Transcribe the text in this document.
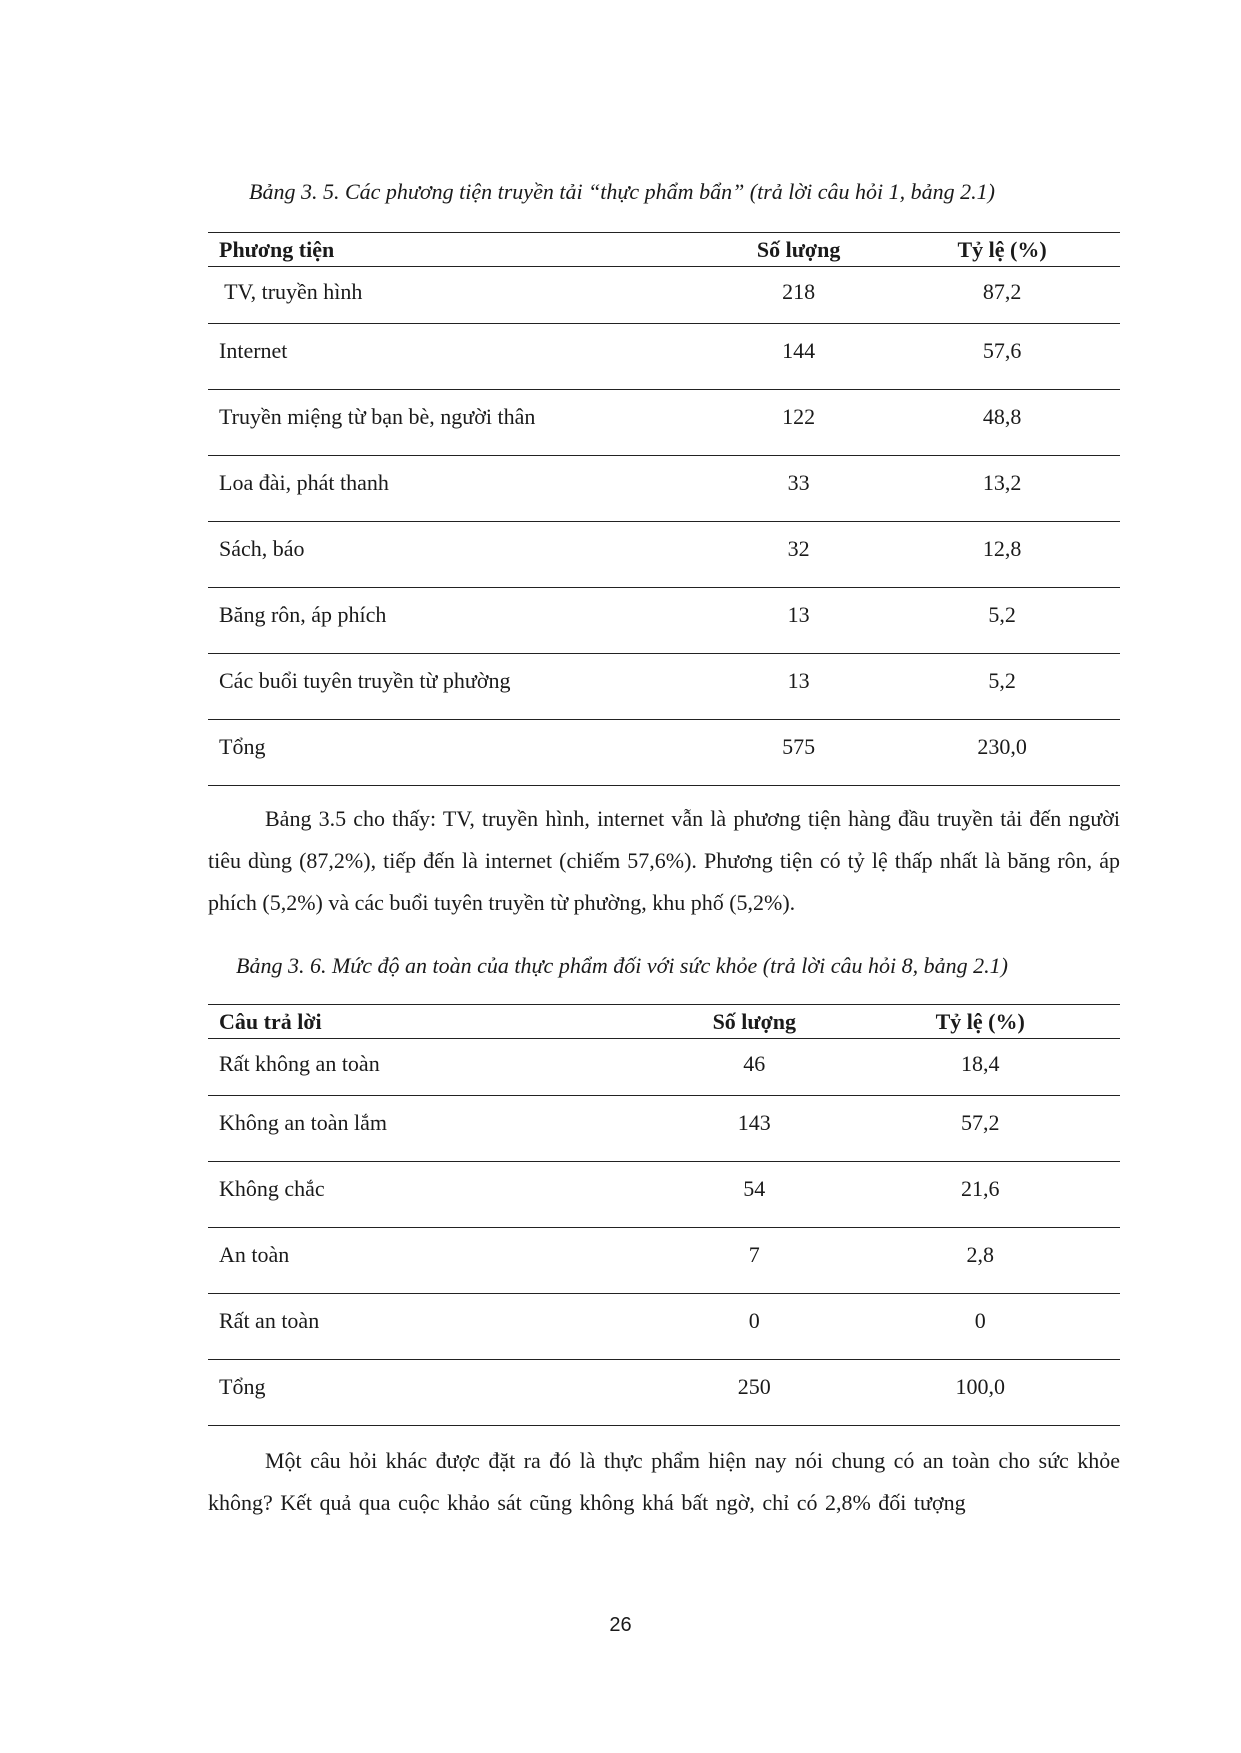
Bảng 3. 5. Các phương tiện truyền tải “thực phẩm bẩn” (trả lời câu hỏi 1, bảng 2.1)

Phương tiện	Số lượng	Tỷ lệ (%)
TV, truyền hình	218	87,2
Internet	144	57,6
Truyền miệng từ bạn bè, người thân	122	48,8
Loa đài, phát thanh	33	13,2
Sách, báo	32	12,8
Băng rôn, áp phích	13	5,2
Các buổi tuyên truyền từ phường	13	5,2
Tổng	575	230,0

Bảng 3.5 cho thấy: TV, truyền hình, internet vẫn là phương tiện hàng đầu truyền tải đến người tiêu dùng (87,2%), tiếp đến là internet (chiếm 57,6%). Phương tiện có tỷ lệ thấp nhất là băng rôn, áp phích (5,2%) và các buổi tuyên truyền từ phường, khu phố (5,2%).

Bảng 3. 6. Mức độ an toàn của thực phẩm đối với sức khỏe (trả lời câu hỏi 8, bảng 2.1)

Câu trả lời	Số lượng	Tỷ lệ (%)
Rất không an toàn	46	18,4
Không an toàn lắm	143	57,2
Không chắc	54	21,6
An toàn	7	2,8
Rất an toàn	0	0
Tổng	250	100,0

Một câu hỏi khác được đặt ra đó là thực phẩm hiện nay nói chung có an toàn cho sức khỏe không? Kết quả qua cuộc khảo sát cũng không khá bất ngờ, chỉ có 2,8% đối tượng

26
